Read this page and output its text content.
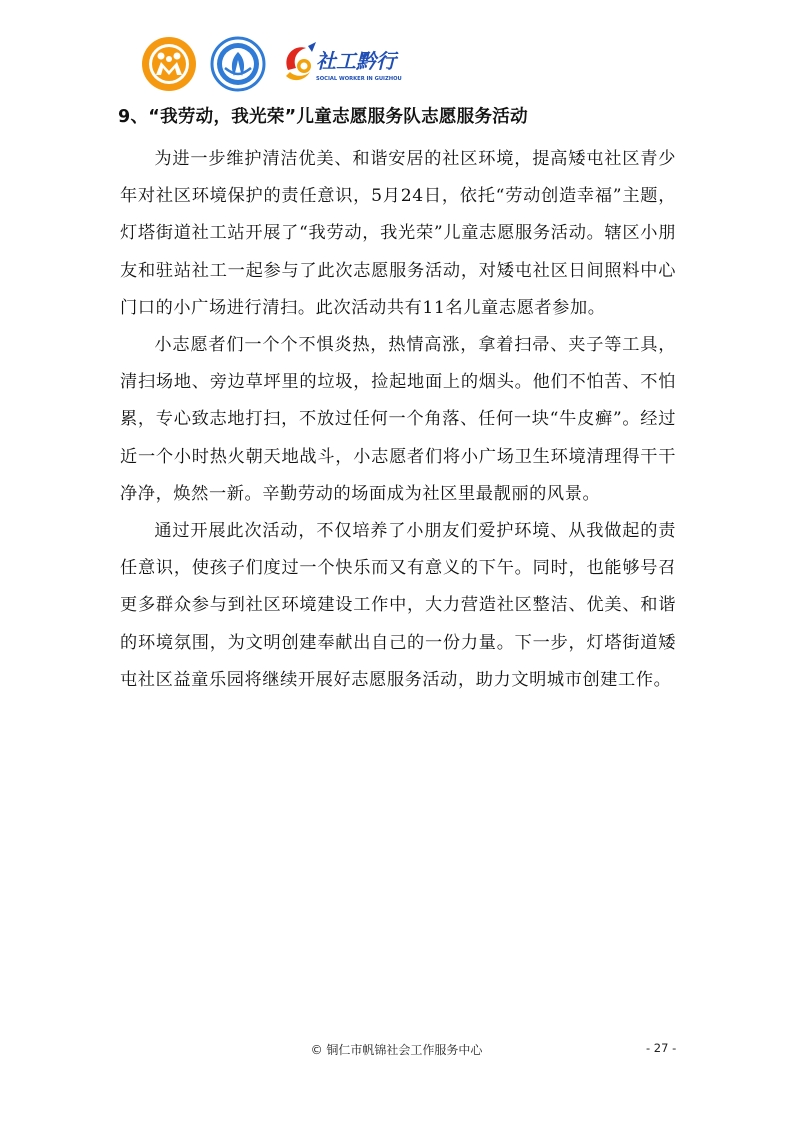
社工黔行
SOCIAL WORKER IN GUIZHOU
9、“我劳动，我光荣”儿童志愿服务队志愿服务活动

为进一步维护清洁优美、和谐安居的社区环境，提高矮屯社区青少年对社区环境保护的责任意识，5月24日，依托“劳动创造幸福”主题，灯塔街道社工站开展了“我劳动，我光荣”儿童志愿服务活动。辖区小朋友和驻站社工一起参与了此次志愿服务活动，对矮屯社区日间照料中心门口的小广场进行清扫。此次活动共有11名儿童志愿者参加。

小志愿者们一个个不惧炎热，热情高涨，拿着扫帚、夹子等工具，清扫场地、旁边草坪里的垃圾，捡起地面上的烟头。他们不怕苦、不怕累，专心致志地打扫，不放过任何一个角落、任何一块“牛皮癣”。经过近一个小时热火朝天地战斗，小志愿者们将小广场卫生环境清理得干干净净，焕然一新。辛勤劳动的场面成为社区里最靓丽的风景。

通过开展此次活动，不仅培养了小朋友们爱护环境、从我做起的责任意识，使孩子们度过一个快乐而又有意义的下午。同时，也能够号召更多群众参与到社区环境建设工作中，大力营造社区整洁、优美、和谐的环境氛围，为文明创建奉献出自己的一份力量。下一步，灯塔街道矮屯社区益童乐园将继续开展好志愿服务活动，助力文明城市创建工作。

© 铜仁市帆锦社会工作服务中心	- 27 -
